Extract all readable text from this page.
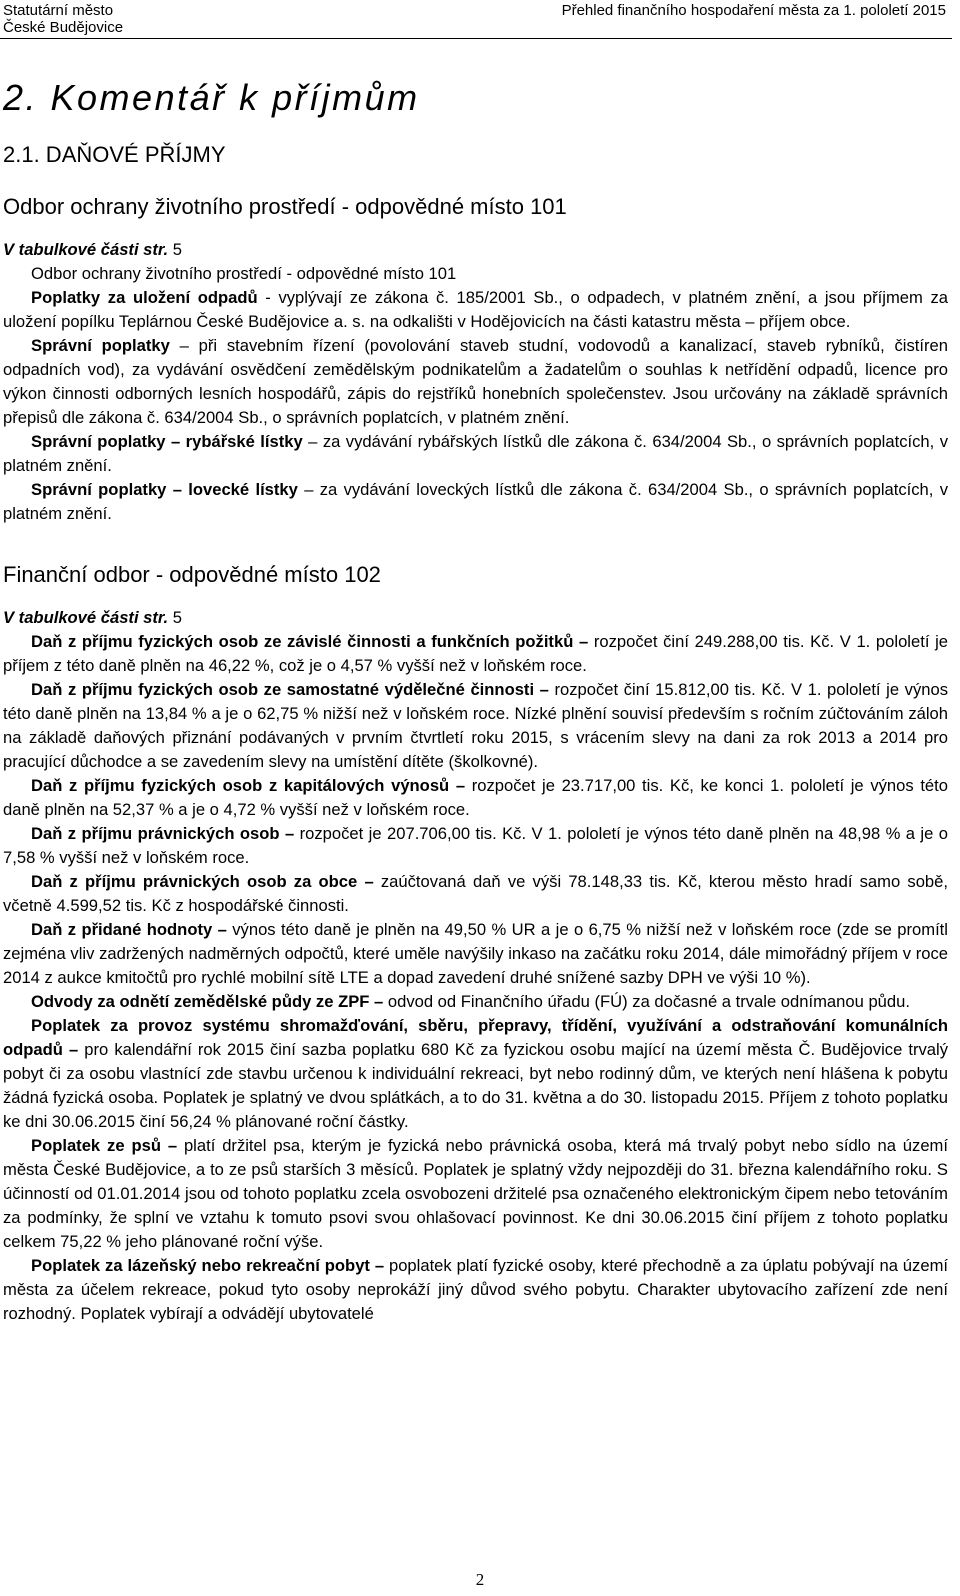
Statutární město
České Budějovice
Přehled finančního hospodaření města za 1. pololetí 2015
2. Komentář k příjmům
2.1. DAŇOVÉ PŘÍJMY
Odbor ochrany životního prostředí - odpovědné místo 101
V tabulkové části str. 5

Odbor ochrany životního prostředí - odpovědné místo 101

Poplatky za uložení odpadů - vyplývají ze zákona č. 185/2001 Sb., o odpadech, v platném znění, a jsou příjmem za uložení popílku Teplárnou České Budějovice a. s. na odkališti v Hodějovicích na části katastru města – příjem obce.

Správní poplatky – při stavebním řízení (povolování staveb studní, vodovodů a kanalizací, staveb rybníků, čistíren odpadních vod), za vydávání osvědčení zemědělským podnikatelům a žadatelům o souhlas k netřídění odpadů, licence pro výkon činnosti odborných lesních hospodářů, zápis do rejstříků honebních společenstev. Jsou určovány na základě správních přepisů dle zákona č. 634/2004 Sb., o správních poplatcích, v platném znění.

Správní poplatky – rybářské lístky – za vydávání rybářských lístků dle zákona č. 634/2004 Sb., o správních poplatcích, v platném znění.

Správní poplatky – lovecké lístky – za vydávání loveckých lístků dle zákona č. 634/2004 Sb., o správních poplatcích, v platném znění.

Finanční odbor - odpovědné místo 102
V tabulkové části str. 5

Daň z příjmu fyzických osob ze závislé činnosti a funkčních požitků – rozpočet činí 249.288,00 tis. Kč. V 1. pololetí je příjem z této daně plněn na 46,22 %, což je o 4,57 % vyšší než v loňském roce.

Daň z příjmu fyzických osob ze samostatné výdělečné činnosti – rozpočet činí 15.812,00 tis. Kč. V 1. pololetí je výnos této daně plněn na 13,84 % a je o 62,75 % nižší než v loňském roce. Nízké plnění souvisí především s ročním zúčtováním záloh na základě daňových přiznání podávaných v prvním čtvrtletí roku 2015, s vrácením slevy na dani za rok 2013 a 2014 pro pracující důchodce a se zavedením slevy na umístění dítěte (školkovné).

Daň z příjmu fyzických osob z kapitálových výnosů – rozpočet je 23.717,00 tis. Kč, ke konci 1. pololetí je výnos této daně plněn na 52,37 % a je o 4,72 % vyšší než v loňském roce.

Daň z příjmu právnických osob – rozpočet je 207.706,00 tis. Kč. V 1. pololetí je výnos této daně plněn na 48,98 % a je o 7,58 % vyšší než v loňském roce.

Daň z příjmu právnických osob za obce – zaúčtovaná daň ve výši 78.148,33 tis. Kč, kterou město hradí samo sobě, včetně 4.599,52 tis. Kč z hospodářské činnosti.

Daň z přidané hodnoty – výnos této daně je plněn na 49,50 % UR a je o 6,75 % nižší než v loňském roce (zde se promítl zejména vliv zadržených nadměrných odpočtů, které uměle navýšily inkaso na začátku roku 2014, dále mimořádný příjem v roce 2014 z aukce kmitočtů pro rychlé mobilní sítě LTE a dopad zavedení druhé snížené sazby DPH ve výši 10 %).

Odvody za odnětí zemědělské půdy ze ZPF – odvod od Finančního úřadu (FÚ) za dočasné a trvale odnímanou půdu.

Poplatek za provoz systému shromažďování, sběru, přepravy, třídění, využívání a odstraňování komunálních odpadů – pro kalendářní rok 2015 činí sazba poplatku 680 Kč za fyzickou osobu mající na území města Č. Budějovice trvalý pobyt či za osobu vlastnící zde stavbu určenou k individuální rekreaci, byt nebo rodinný dům, ve kterých není hlášena k pobytu žádná fyzická osoba. Poplatek je splatný ve dvou splátkách, a to do 31. května a do 30. listopadu 2015. Příjem z tohoto poplatku ke dni 30.06.2015 činí 56,24 % plánované roční částky.

Poplatek ze psů – platí držitel psa, kterým je fyzická nebo právnická osoba, která má trvalý pobyt nebo sídlo na území města České Budějovice, a to ze psů starších 3 měsíců. Poplatek je splatný vždy nejpozději do 31. března kalendářního roku. S účinností od 01.01.2014 jsou od tohoto poplatku zcela osvobozeni držitelé psa označeného elektronickým čipem nebo tetováním za podmínky, že splní ve vztahu k tomuto psovi svou ohlašovací povinnost. Ke dni 30.06.2015 činí příjem z tohoto poplatku celkem 75,22 % jeho plánované roční výše.

Poplatek za lázeňský nebo rekreační pobyt – poplatek platí fyzické osoby, které přechodně a za úplatu pobývají na území města za účelem rekreace, pokud tyto osoby neprokáží jiný důvod svého pobytu. Charakter ubytovacího zařízení zde není rozhodný. Poplatek vybírají a odvádějí ubytovatelé

2
